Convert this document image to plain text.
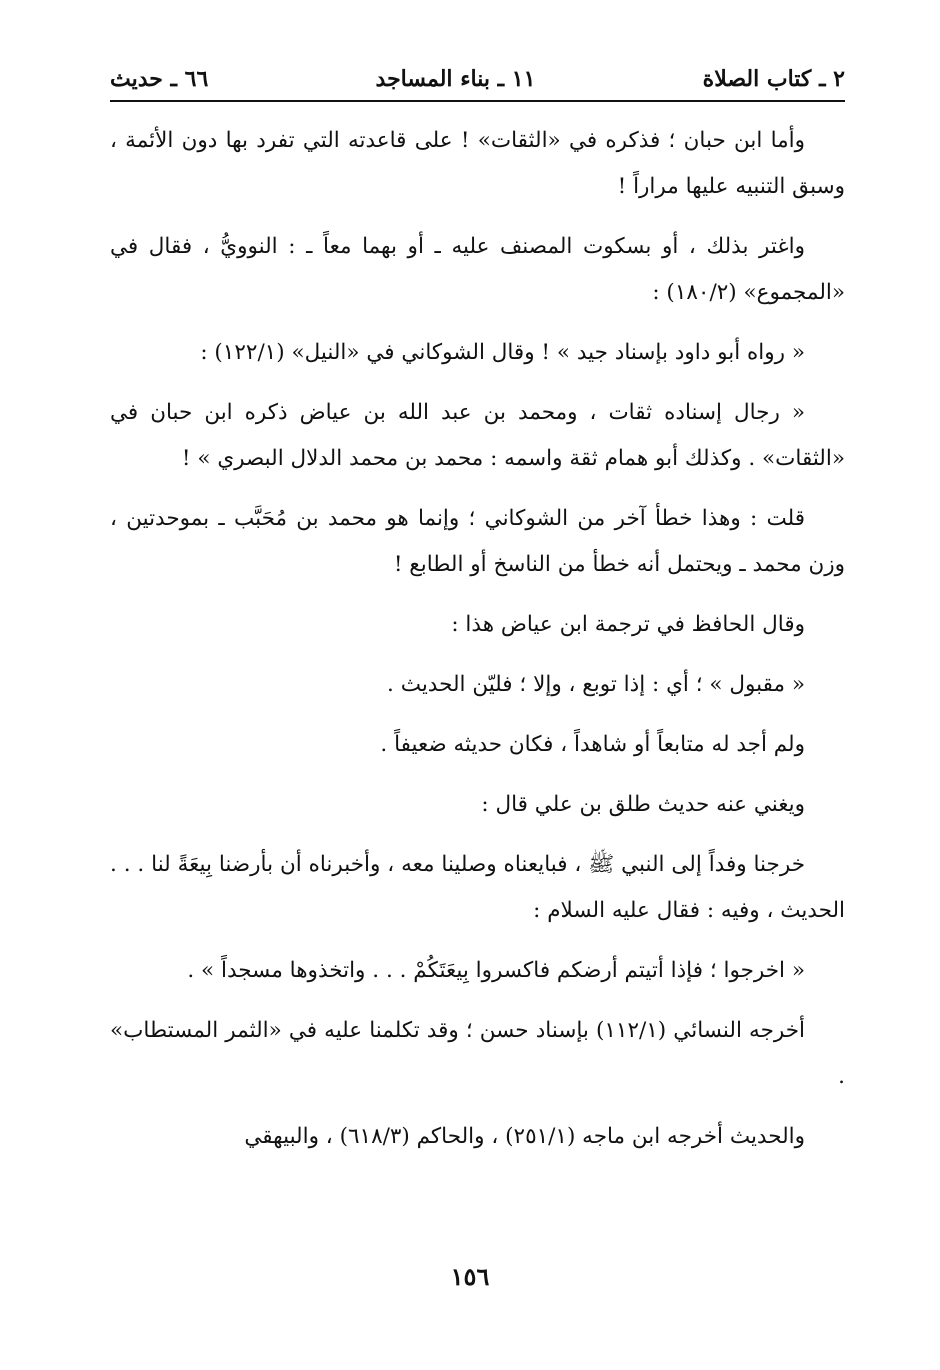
٢ ـ كتاب الصلاة
١١ ـ بناء المساجد
٦٦ ـ حديث

وأما ابن حبان ؛ فذكره في «الثقات» ! على قاعدته التي تفرد بها دون الأئمة ، وسبق التنبيه عليها مراراً !

واغتر بذلك ، أو بسكوت المصنف عليه ـ أو بهما معاً ـ : النوويُّ ، فقال في «المجموع» (١٨٠/٢) :

« رواه أبو داود بإسناد جيد » ! وقال الشوكاني في «النيل» (١٢٢/١) :

« رجال إسناده ثقات ، ومحمد بن عبد الله بن عياض ذكره ابن حبان في «الثقات» . وكذلك أبو همام ثقة واسمه : محمد بن محمد الدلال البصري » !

قلت : وهذا خطأ آخر من الشوكاني ؛ وإنما هو محمد بن مُحَبَّب ـ بموحدتين ، وزن محمد ـ ويحتمل أنه خطأ من الناسخ أو الطابع !

وقال الحافظ في ترجمة ابن عياض هذا :

« مقبول » ؛ أي : إذا توبع ، وإلا ؛ فليّن الحديث .

ولم أجد له متابعاً أو شاهداً ، فكان حديثه ضعيفاً .

ويغني عنه حديث طلق بن علي قال :

خرجنا وفداً إلى النبي ﷺ ، فبايعناه وصلينا معه ، وأخبرناه أن بأرضنا بِيعَةً لنا . . . الحديث ، وفيه : فقال عليه السلام :

« اخرجوا ؛ فإذا أتيتم أرضكم فاكسروا بِيعَتَكُمْ . . . واتخذوها مسجداً » .

أخرجه النسائي (١١٢/١) بإسناد حسن ؛ وقد تكلمنا عليه في «الثمر المستطاب» .

والحديث أخرجه ابن ماجه (٢٥١/١) ، والحاكم (٦١٨/٣) ، والبيهقي

١٥٦
